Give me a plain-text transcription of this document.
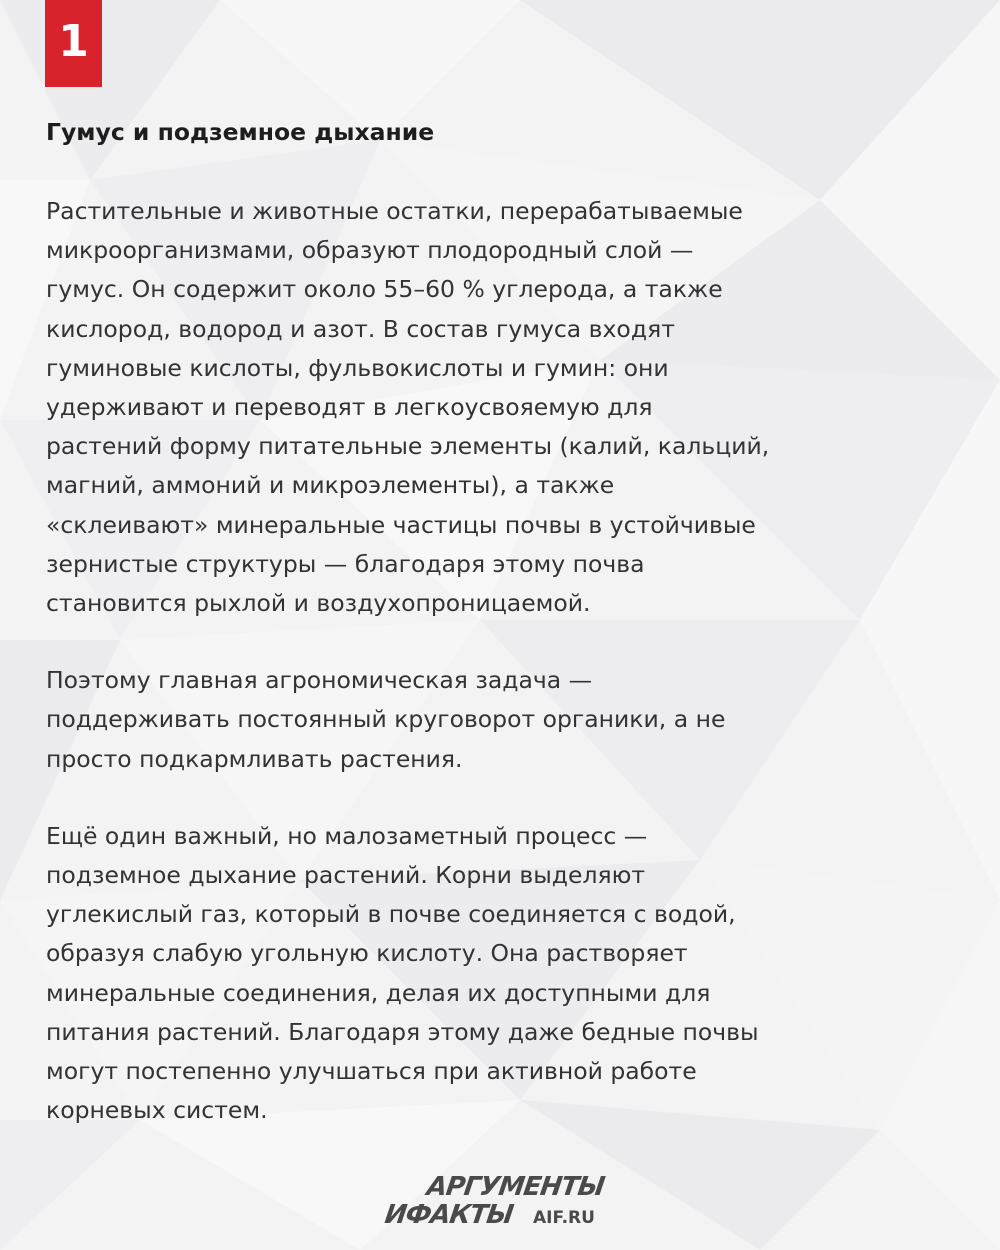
1
Гумус и подземное дыхание
Растительные и животные остатки, перерабатываемые
микроорганизмами, образуют плодородный слой —
гумус. Он содержит около 55–60 % углерода, а также
кислород, водород и азот. В состав гумуса входят
гуминовые кислоты, фульвокислоты и гумин: они
удерживают и переводят в легкоусвояемую для
растений форму питательные элементы (калий, кальций,
магний, аммоний и микроэлементы), а также
«склеивают» минеральные частицы почвы в устойчивые
зернистые структуры — благодаря этому почва
становится рыхлой и воздухопроницаемой.
Поэтому главная агрономическая задача —
поддерживать постоянный круговорот органики, а не
просто подкармливать растения.
Ещё один важный, но малозаметный процесс —
подземное дыхание растений. Корни выделяют
углекислый газ, который в почве соединяется с водой,
образуя слабую угольную кислоту. Она растворяет
минеральные соединения, делая их доступными для
питания растений. Благодаря этому даже бедные почвы
могут постепенно улучшаться при активной работе
корневых систем.
АРГУМЕНТЫ
ИФАКТЫ AIF.RU
